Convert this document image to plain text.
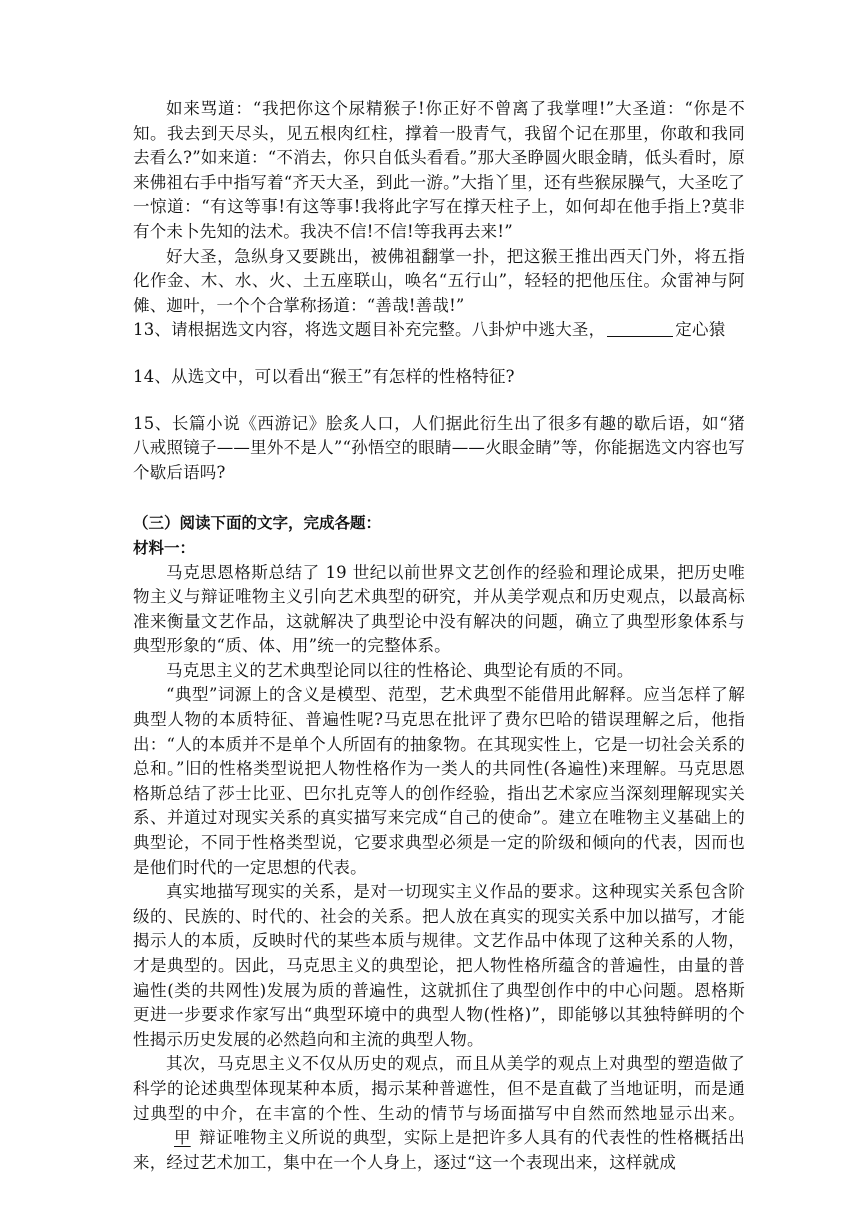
如来骂道：“我把你这个尿精猴子!你正好不曾离了我掌哩!”大圣道：“你是不知。我去到天尽头，见五根肉红柱，撑着一股青气，我留个记在那里，你敢和我同去看么?”如来道：“不消去，你只自低头看看。”那大圣睁圆火眼金睛，低头看时，原来佛祖右手中指写着“齐天大圣，到此一游。”大指丫里，还有些猴尿臊气，大圣吃了一惊道：“有这等事!有这等事!我将此字写在撑天柱子上，如何却在他手指上?莫非有个未卜先知的法术。我决不信!不信!等我再去来!”

好大圣，急纵身又要跳出，被佛祖翻掌一扑，把这猴王推出西天门外，将五指化作金、木、水、火、土五座联山，唤名“五行山”，轻轻的把他压住。众雷神与阿傩、迦叶，一个个合掌称扬道：“善哉!善哉!”

13、请根据选文内容，将选文题目补充完整。八卦炉中逃大圣，	定心猿

14、从选文中，可以看出“猴王”有怎样的性格特征?

15、长篇小说《西游记》脍炙人口，人们据此衍生出了很多有趣的歇后语，如“猪八戒照镜子——里外不是人”“孙悟空的眼睛——火眼金睛”等，你能据选文内容也写个歇后语吗?

（三）阅读下面的文字，完成各题：

材料一：

马克思恩格斯总结了 19 世纪以前世界文艺创作的经验和理论成果，把历史唯物主义与辩证唯物主义引向艺术典型的研究，并从美学观点和历史观点，以最高标准来衡量文艺作品，这就解决了典型论中没有解决的问题，确立了典型形象体系与典型形象的“质、体、用”统一的完整体系。

马克思主义的艺术典型论同以往的性格论、典型论有质的不同。

“典型”词源上的含义是模型、范型，艺术典型不能借用此解释。应当怎样了解典型人物的本质特征、普遍性呢?马克思在批评了费尔巴哈的错误理解之后，他指出：“人的本质并不是单个人所固有的抽象物。在其现实性上，它是一切社会关系的总和。”旧的性格类型说把人物性格作为一类人的共同性(各遍性)来理解。马克思恩格斯总结了莎士比亚、巴尔扎克等人的创作经验，指出艺术家应当深刻理解现实关系、并道过对现实关系的真实描写来完成“自己的使命”。建立在唯物主义基础上的典型论，不同于性格类型说，它要求典型必须是一定的阶级和倾向的代表，因而也是他们时代的一定思想的代表。

真实地描写现实的关系，是对一切现实主义作品的要求。这种现实关系包含阶级的、民族的、时代的、社会的关系。把人放在真实的现实关系中加以描写，才能揭示人的本质，反映时代的某些本质与规律。文艺作品中体现了这种关系的人物，才是典型的。因此，马克思主义的典型论，把人物性格所蕴含的普遍性，由量的普遍性(类的共网性)发展为质的普遍性，这就抓住了典型创作中的中心问题。恩格斯更进一步要求作家写出“典型环境中的典型人物(性格)”，即能够以其独特鲜明的个性揭示历史发展的必然趋向和主流的典型人物。

其次，马克思主义不仅从历史的观点，而且从美学的观点上对典型的塑造做了科学的论述典型体现某种本质，揭示某种普遮性，但不是直截了当地证明，而是通过典型的中介，在丰富的个性、生动的情节与场面描写中自然而然地显示出来。甲 辩证唯物主义所说的典型，实际上是把许多人具有的代表性的性格概括出来，经过艺术加工，集中在一个人身上，逐过“这一个表现出来，这样就成
